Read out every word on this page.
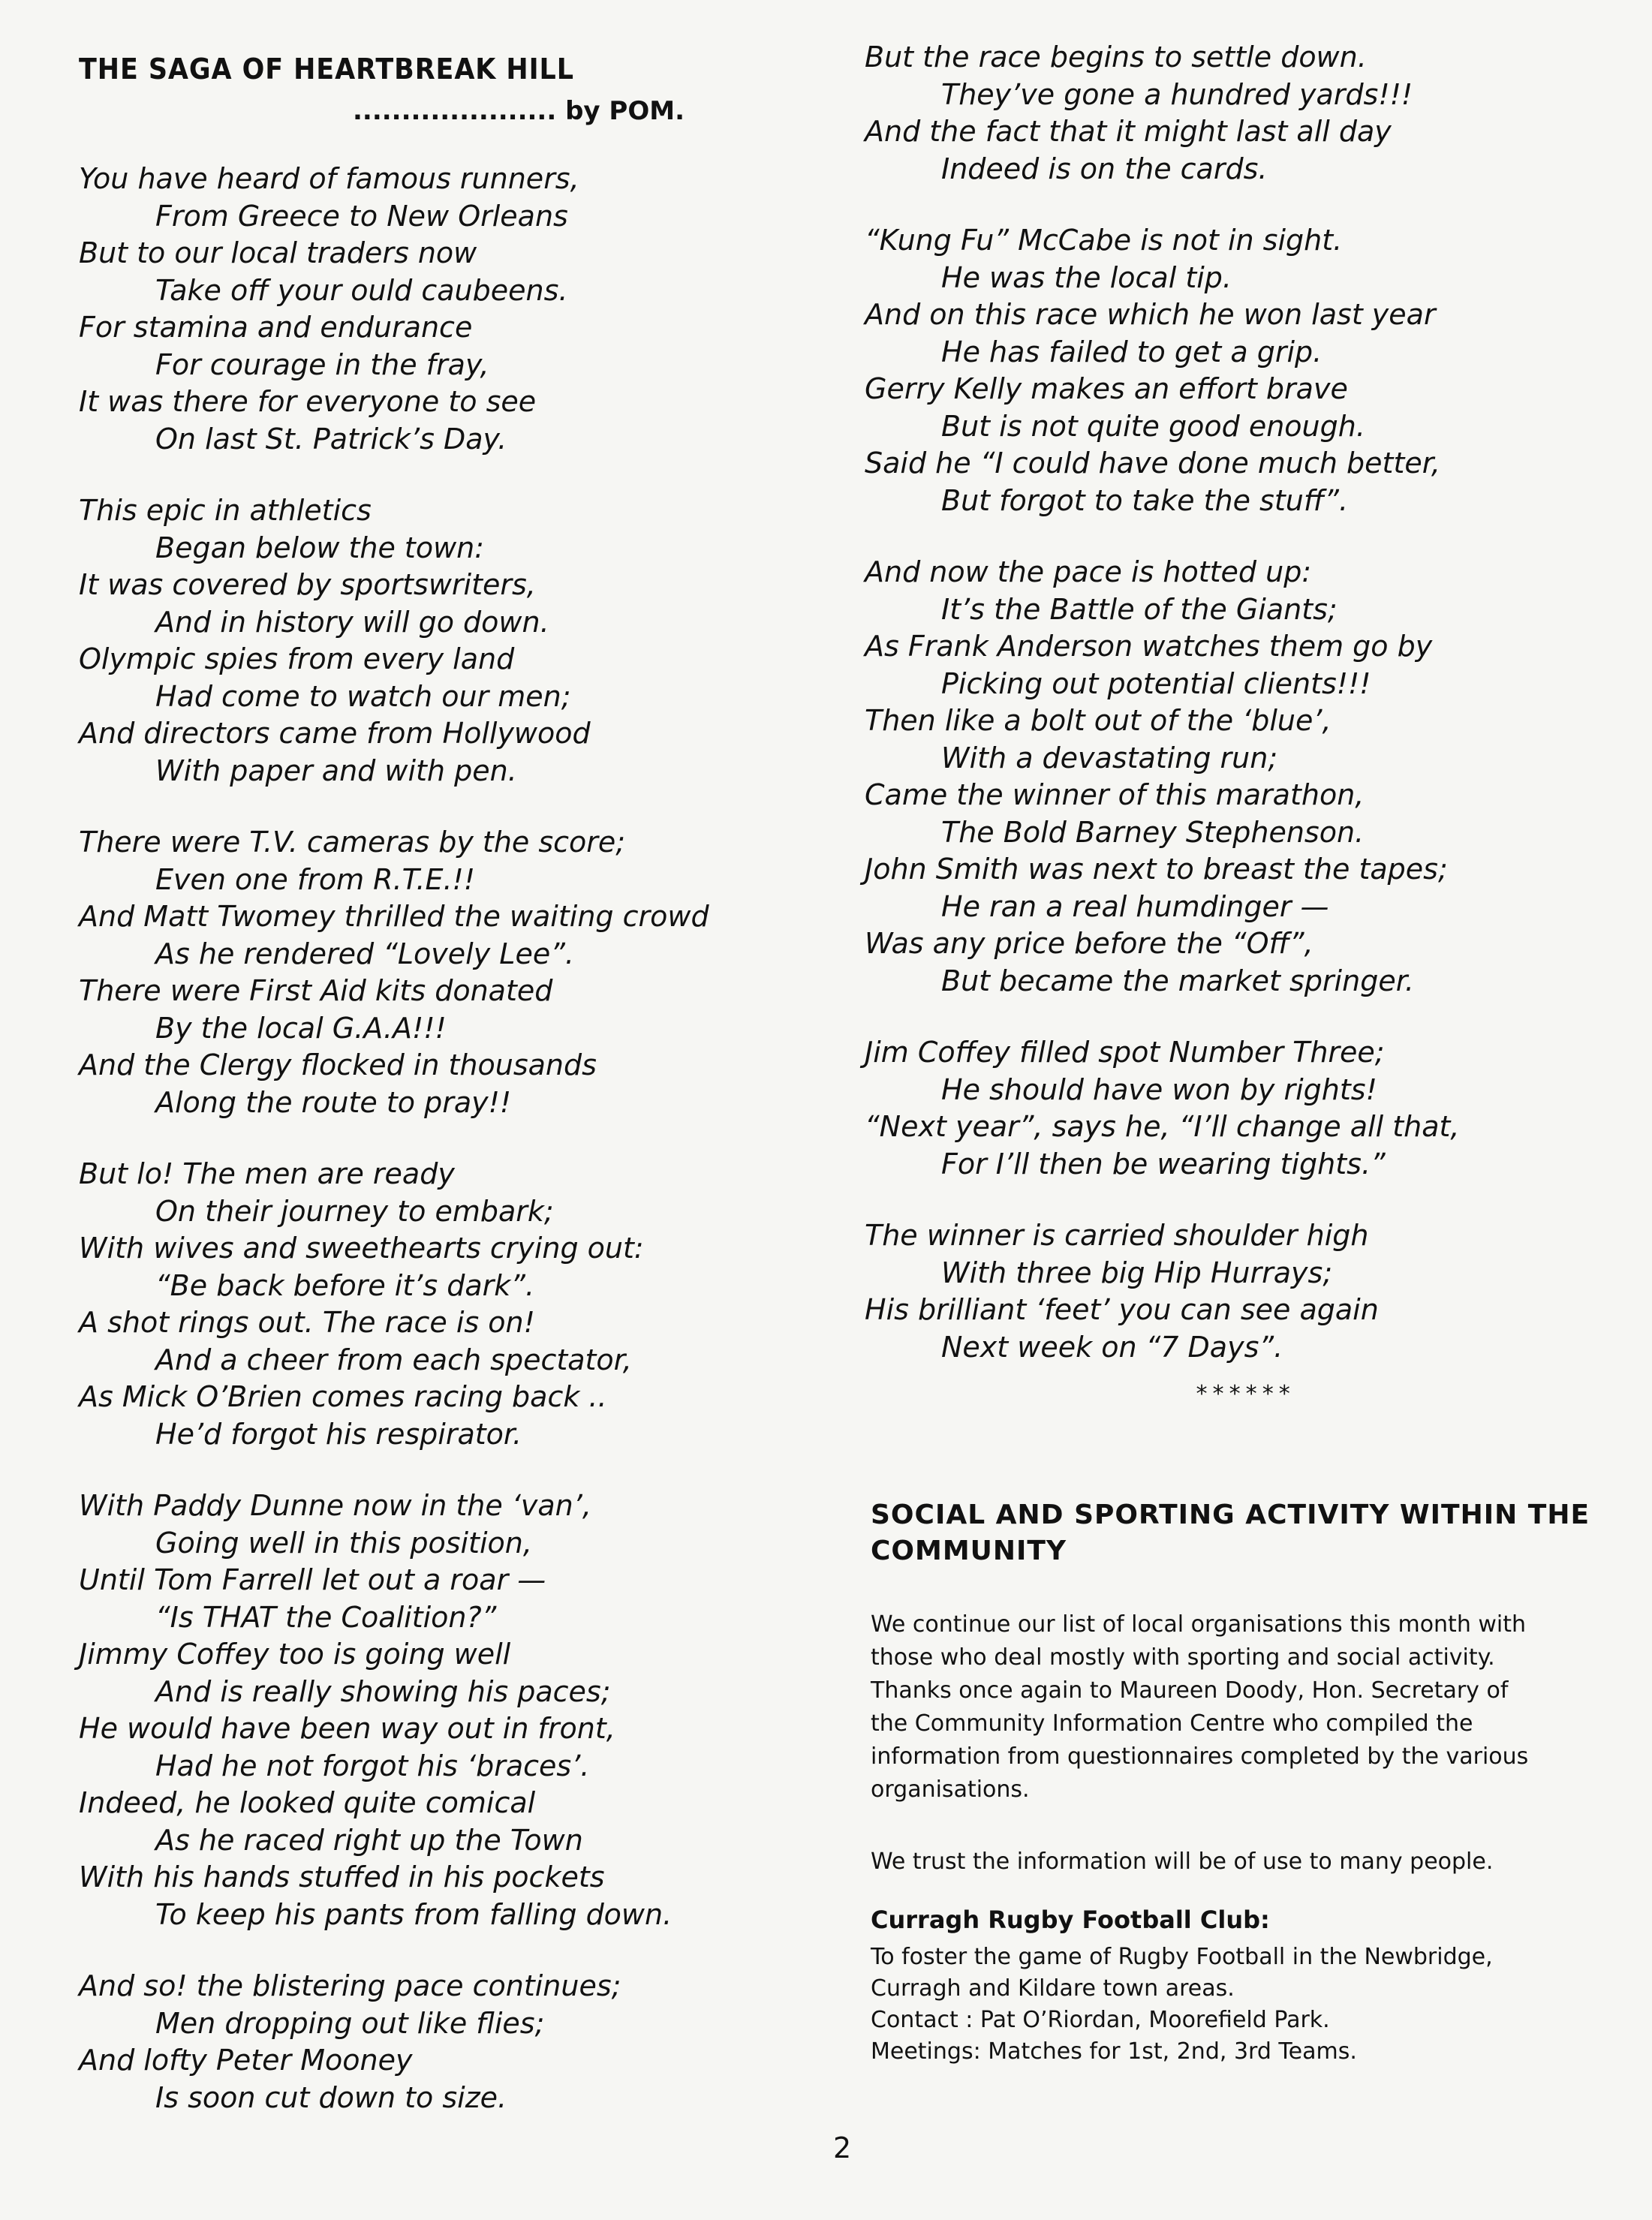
THE SAGA OF HEARTBREAK HILL
..................... by POM.
You have heard of famous runners,
From Greece to New Orleans
But to our local traders now
Take off your ould caubeens.
For stamina and endurance
For courage in the fray,
It was there for everyone to see
On last St. Patrick’s Day.
This epic in athletics
Began below the town:
It was covered by sportswriters,
And in history will go down.
Olympic spies from every land
Had come to watch our men;
And directors came from Hollywood
With paper and with pen.
There were T.V. cameras by the score;
Even one from R.T.E.!!
And Matt Twomey thrilled the waiting crowd
As he rendered “Lovely Lee”.
There were First Aid kits donated
By the local G.A.A!!!
And the Clergy flocked in thousands
Along the route to pray!!
But lo! The men are ready
On their journey to embark;
With wives and sweethearts crying out:
“Be back before it’s dark”.
A shot rings out. The race is on!
And a cheer from each spectator,
As Mick O’Brien comes racing back ..
He’d forgot his respirator.
With Paddy Dunne now in the ‘van’,
Going well in this position,
Until Tom Farrell let out a roar —
“Is THAT the Coalition?”
Jimmy Coffey too is going well
And is really showing his paces;
He would have been way out in front,
Had he not forgot his ‘braces’.
Indeed, he looked quite comical
As he raced right up the Town
With his hands stuffed in his pockets
To keep his pants from falling down.
And so! the blistering pace continues;
Men dropping out like flies;
And lofty Peter Mooney
Is soon cut down to size.
But the race begins to settle down.
They’ve gone a hundred yards!!!
And the fact that it might last all day
Indeed is on the cards.
“Kung Fu” McCabe is not in sight.
He was the local tip.
And on this race which he won last year
He has failed to get a grip.
Gerry Kelly makes an effort brave
But is not quite good enough.
Said he “I could have done much better,
But forgot to take the stuff”.
And now the pace is hotted up:
It’s the Battle of the Giants;
As Frank Anderson watches them go by
Picking out potential clients!!!
Then like a bolt out of the ‘blue’,
With a devastating run;
Came the winner of this marathon,
The Bold Barney Stephenson.
John Smith was next to breast the tapes;
He ran a real humdinger —
Was any price before the “Off”,
But became the market springer.
Jim Coffey filled spot Number Three;
He should have won by rights!
“Next year”, says he, “I’ll change all that,
For I’ll then be wearing tights.”
The winner is carried shoulder high
With three big Hip Hurrays;
His brilliant ‘feet’ you can see again
Next week on “7 Days”.
******
SOCIAL AND SPORTING ACTIVITY WITHIN THE
COMMUNITY
We continue our list of local organisations this month with
those who deal mostly with sporting and social activity.
Thanks once again to Maureen Doody, Hon. Secretary of
the Community Information Centre who compiled the
information from questionnaires completed by the various
organisations.
We trust the information will be of use to many people.
Curragh Rugby Football Club:
To foster the game of Rugby Football in the Newbridge,
Curragh and Kildare town areas.
Contact : Pat O’Riordan, Moorefield Park.
Meetings: Matches for 1st, 2nd, 3rd Teams.
2
